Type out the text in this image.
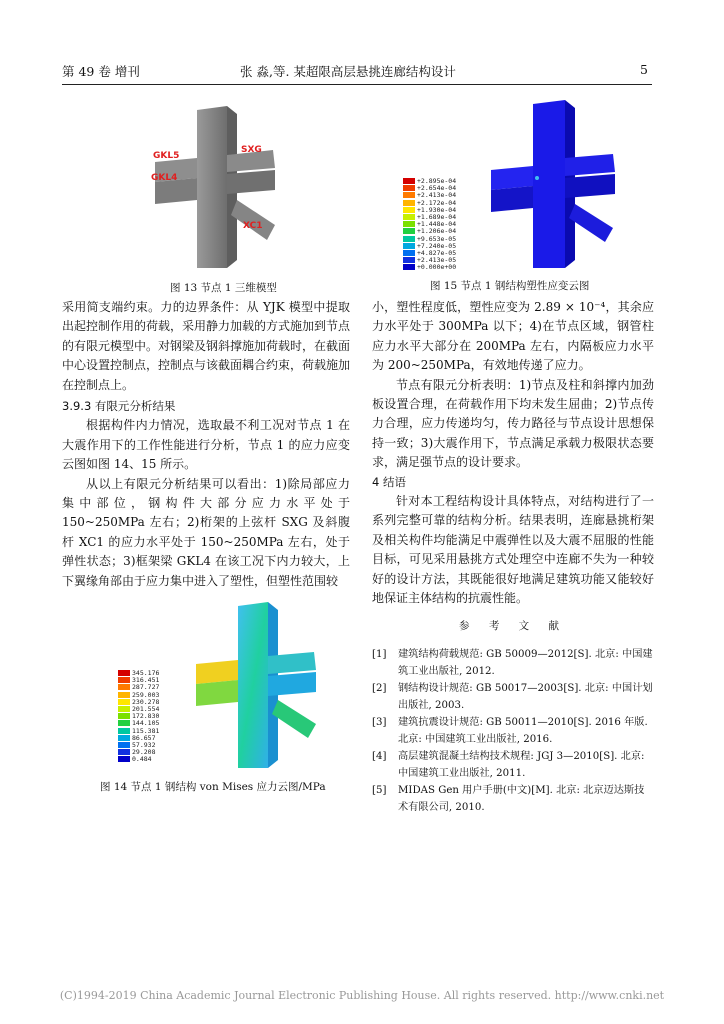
第 49 卷 增刊	张 淼,等. 某超限高层悬挑连廊结构设计	5
GKL5
SXG
GKL4
XC1
图 13 节点 1 三维模型
+2.895e-04
+2.654e-04
+2.413e-04
+2.172e-04
+1.930e-04
+1.689e-04
+1.448e-04
+1.206e-04
+9.653e-05
+7.240e-05
+4.827e-05
+2.413e-05
+0.000e+00
图 15 节点 1 钢结构塑性应变云图

采用简支端约束。力的边界条件：从 YJK 模型中提取出起控制作用的荷载，采用静力加载的方式施加到节点的有限元模型中。对钢梁及钢斜撑施加荷载时，在截面中心设置控制点，控制点与该截面耦合约束，荷载施加在控制点上。

3.9.3 有限元分析结果

根据构件内力情况，选取最不利工况对节点 1 在大震作用下的工作性能进行分析，节点 1 的应力应变云图如图 14、15 所示。

从以上有限元分析结果可以看出：1)除局部应力集中部位，钢构件大部分应力水平处于 150~250MPa 左右；2)桁架的上弦杆 SXG 及斜腹杆 XC1 的应力水平处于 150~250MPa 左右，处于弹性状态；3)框架梁 GKL4 在该工况下内力较大，上下翼缘角部由于应力集中进入了塑性，但塑性范围较

345.176
316.451
287.727
259.003
230.278
201.554
172.830
144.105
115.381
86.657
57.932
29.208
0.484
图 14 节点 1 钢结构 von Mises 应力云图/MPa

小，塑性程度低，塑性应变为 2.89 × 10⁻⁴，其余应力水平处于 300MPa 以下；4)在节点区域，钢管柱应力水平大部分在 200MPa 左右，内隔板应力水平为 200~250MPa，有效地传递了应力。

节点有限元分析表明：1)节点及柱和斜撑内加劲板设置合理，在荷载作用下均未发生屈曲；2)节点传力合理，应力传递均匀，传力路径与节点设计思想保持一致；3)大震作用下，节点满足承载力极限状态要求，满足强节点的设计要求。

4 结语

针对本工程结构设计具体特点，对结构进行了一系列完整可靠的结构分析。结果表明，连廊悬挑桁架及相关构件均能满足中震弹性以及大震不屈服的性能目标，可见采用悬挑方式处理空中连廊不失为一种较好的设计方法，其既能很好地满足建筑功能又能较好地保证主体结构的抗震性能。

参 考 文 献
[1]	建筑结构荷载规范: GB 50009—2012[S]. 北京: 中国建筑工业出版社, 2012.
[2]	钢结构设计规范: GB 50017—2003[S]. 北京: 中国计划出版社, 2003.
[3]	建筑抗震设计规范: GB 50011—2010[S]. 2016 年版.北京: 中国建筑工业出版社, 2016.
[4]	高层建筑混凝土结构技术规程: JGJ 3—2010[S]. 北京: 中国建筑工业出版社, 2011.
[5]	MIDAS Gen 用户手册(中文)[M]. 北京: 北京迈达斯技术有限公司, 2010.
(C)1994-2019 China Academic Journal Electronic Publishing House. All rights reserved. http://www.cnki.net
